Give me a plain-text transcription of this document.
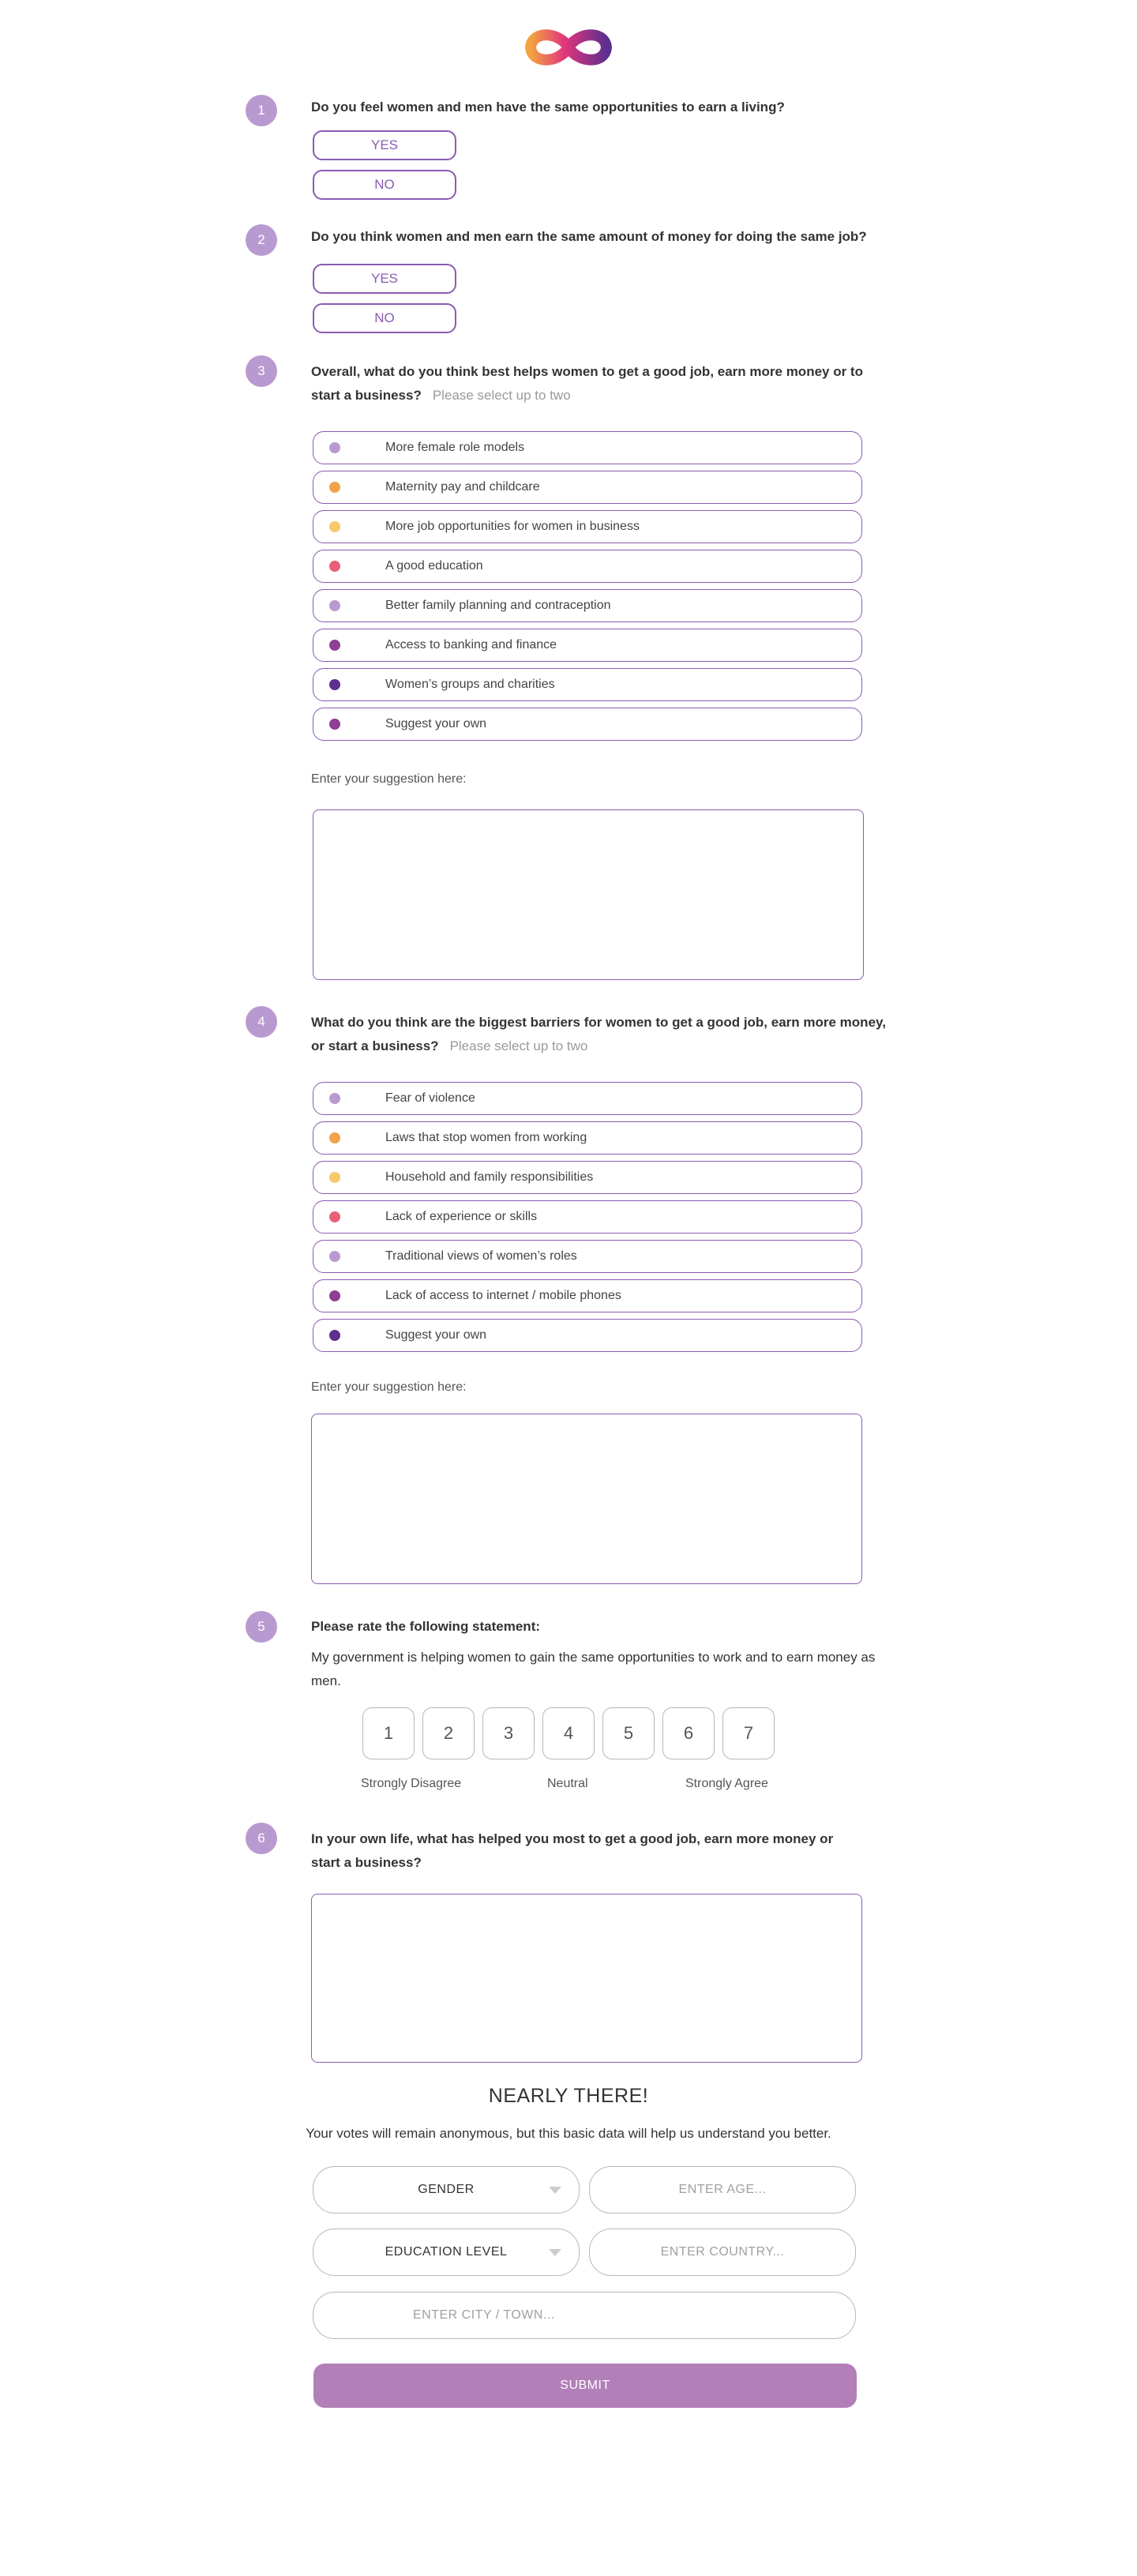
1	Do you feel women and men have the same opportunities to earn a living?
YES
NO
2	Do you think women and men earn the same amount of money for doing the same job?
YES
NO
3	Overall, what do you think best helps women to get a good job, earn more money or to start a business? Please select up to two
More female role models
Maternity pay and childcare
More job opportunities for women in business
A good education
Better family planning and contraception
Access to banking and finance
Women’s groups and charities
Suggest your own
Enter your suggestion here:
4	What do you think are the biggest barriers for women to get a good job, earn more money, or start a business? Please select up to two
Fear of violence
Laws that stop women from working
Household and family responsibilities
Lack of experience or skills
Traditional views of women’s roles
Lack of access to internet / mobile phones
Suggest your own
Enter your suggestion here:
5	Please rate the following statement:
My government is helping women to gain the same opportunities to work and to earn money as men.
1	2	3	4	5	6	7
Strongly Disagree	Neutral	Strongly Agree
6	In your own life, what has helped you most to get a good job, earn more money or start a business?
NEARLY THERE!
Your votes will remain anonymous, but this basic data will help us understand you better.
GENDER	ENTER AGE...
EDUCATION LEVEL	ENTER COUNTRY...
ENTER CITY / TOWN...
SUBMIT
